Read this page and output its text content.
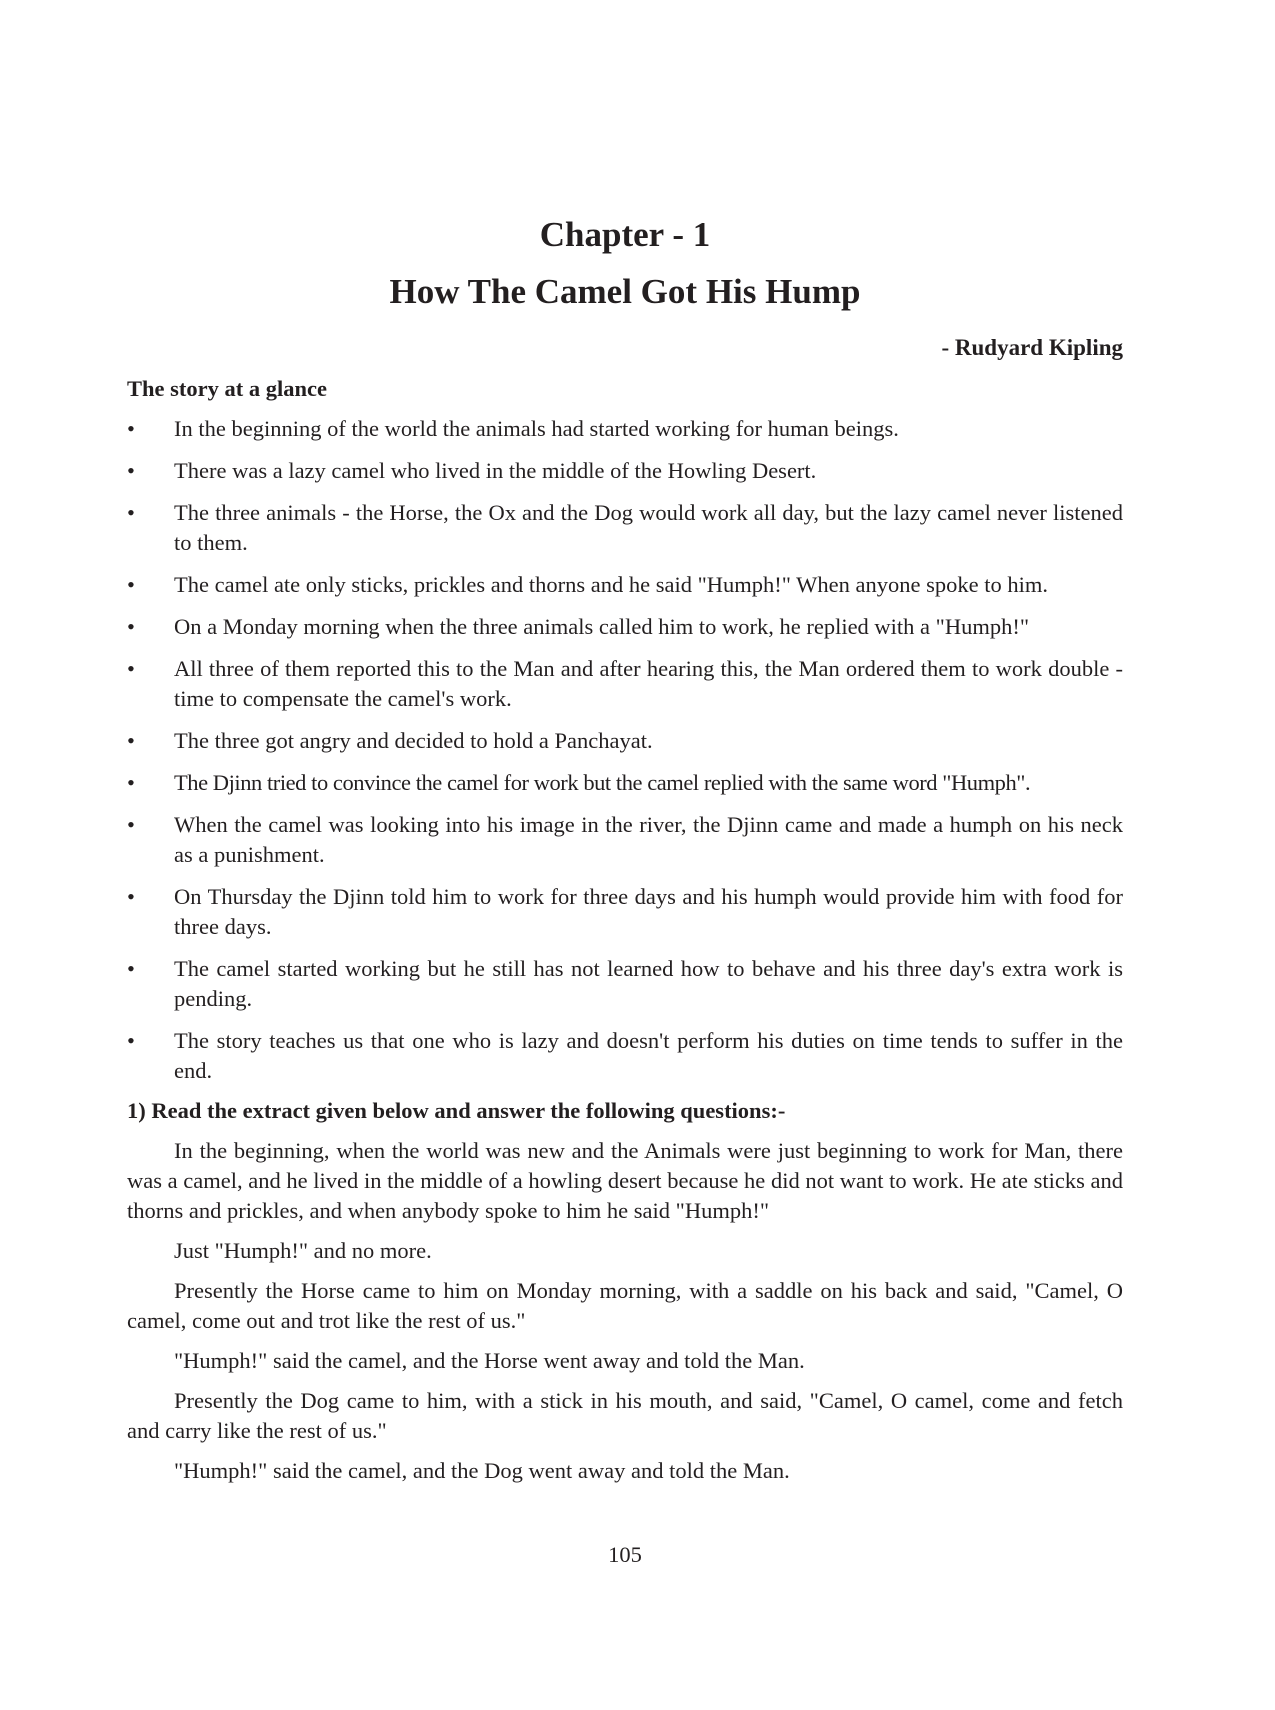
Chapter - 1
How The Camel Got His Hump

- Rudyard Kipling

The story at a glance

• In the beginning of the world the animals had started working for human beings.
• There was a lazy camel who lived in the middle of the Howling Desert.
• The three animals - the Horse, the Ox and the Dog would work all day, but the lazy camel never listened to them.
• The camel ate only sticks, prickles and thorns and he said "Humph!" When anyone spoke to him.
• On a Monday morning when the three animals called him to work, he replied with a "Humph!"
• All three of them reported this to the Man and after hearing this, the Man ordered them to work double - time to compensate the camel's work.
• The three got angry and decided to hold a Panchayat.
• The Djinn tried to convince the camel for work but the camel replied with the same word "Humph".
• When the camel was looking into his image in the river, the Djinn came and made a humph on his neck as a punishment.
• On Thursday the Djinn told him to work for three days and his humph would provide him with food for three days.
• The camel started working but he still has not learned how to behave and his three day's extra work is pending.
• The story teaches us that one who is lazy and doesn't perform his duties on time tends to suffer in the end.

1) Read the extract given below and answer the following questions:-

In the beginning, when the world was new and the Animals were just beginning to work for Man, there was a camel, and he lived in the middle of a howling desert because he did not want to work. He ate sticks and thorns and prickles, and when anybody spoke to him he said "Humph!"

Just "Humph!" and no more.

Presently the Horse came to him on Monday morning, with a saddle on his back and said, "Camel, O camel, come out and trot like the rest of us."

"Humph!" said the camel, and the Horse went away and told the Man.

Presently the Dog came to him, with a stick in his mouth, and said, "Camel, O camel, come and fetch and carry like the rest of us."

"Humph!" said the camel, and the Dog went away and told the Man.

105
